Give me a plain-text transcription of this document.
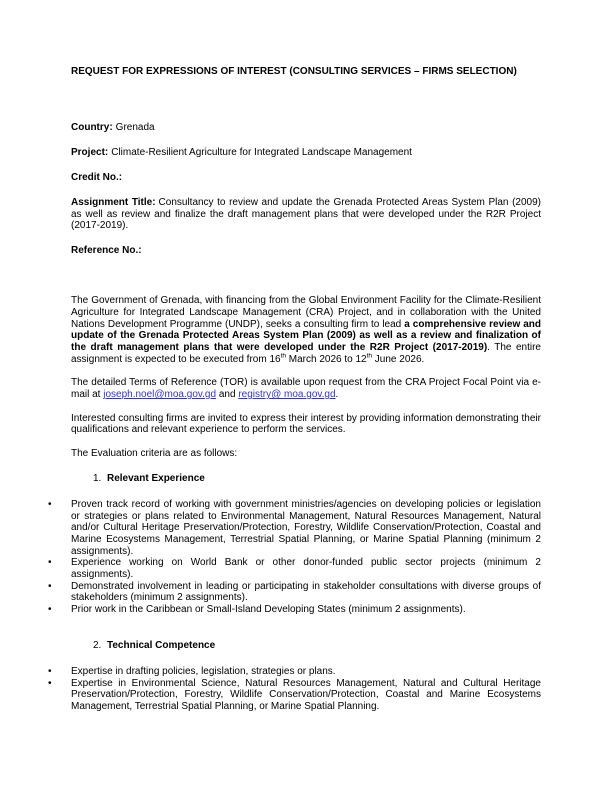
REQUEST FOR EXPRESSIONS OF INTEREST (CONSULTING SERVICES – FIRMS SELECTION)
Country: Grenada
Project: Climate-Resilient Agriculture for Integrated Landscape Management
Credit No.:

Assignment Title: Consultancy to review and update the Grenada Protected Areas System Plan (2009) as well as review and finalize the draft management plans that were developed under the R2R Project (2017-2019).

Reference No.:

The Government of Grenada, with financing from the Global Environment Facility for the Climate-Resilient Agriculture for Integrated Landscape Management (CRA) Project, and in collaboration with the United Nations Development Programme (UNDP), seeks a consulting firm to lead a comprehensive review and update of the Grenada Protected Areas System Plan (2009) as well as a review and finalization of the draft management plans that were developed under the R2R Project (2017-2019). The entire assignment is expected to be executed from 16th March 2026 to 12th June 2026.

The detailed Terms of Reference (TOR) is available upon request from the CRA Project Focal Point via e-mail at joseph.noel@moa.gov.gd and registry@ moa.gov.gd.

Interested consulting firms are invited to express their interest by providing information demonstrating their qualifications and relevant experience to perform the services.

The Evaluation criteria are as follows:

1. Relevant Experience
•	Proven track record of working with government ministries/agencies on developing policies or legislation or strategies or plans related to Environmental Management, Natural Resources Management, Natural and/or Cultural Heritage Preservation/Protection, Forestry, Wildlife Conservation/Protection, Coastal and Marine Ecosystems Management, Terrestrial Spatial Planning, or Marine Spatial Planning (minimum 2 assignments).
•	Experience working on World Bank or other donor-funded public sector projects (minimum 2 assignments).
•	Demonstrated involvement in leading or participating in stakeholder consultations with diverse groups of stakeholders (minimum 2 assignments).
•	Prior work in the Caribbean or Small-Island Developing States (minimum 2 assignments).
2. Technical Competence
•	Expertise in drafting policies, legislation, strategies or plans.
•	Expertise in Environmental Science, Natural Resources Management, Natural and Cultural Heritage Preservation/Protection, Forestry, Wildlife Conservation/Protection, Coastal and Marine Ecosystems Management, Terrestrial Spatial Planning, or Marine Spatial Planning.
